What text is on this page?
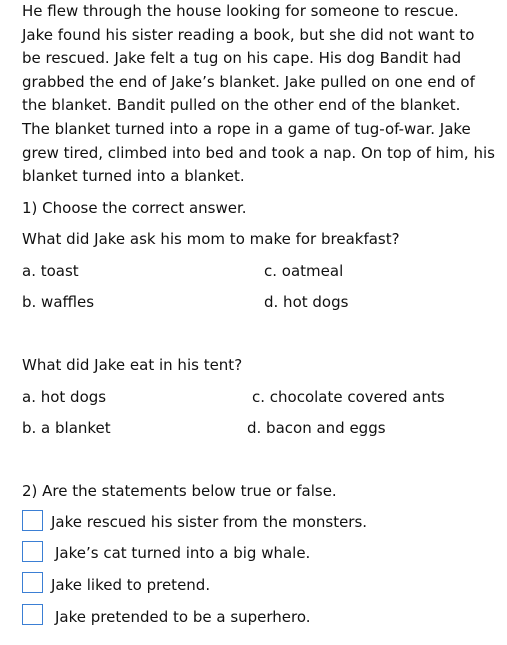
He flew through the house looking for someone to rescue.
Jake found his sister reading a book, but she did not want to
be rescued. Jake felt a tug on his cape. His dog Bandit had
grabbed the end of Jake’s blanket. Jake pulled on one end of
the blanket. Bandit pulled on the other end of the blanket.
The blanket turned into a rope in a game of tug-of-war. Jake
grew tired, climbed into bed and took a nap. On top of him, his
blanket turned into a blanket.

1) Choose the correct answer.
What did Jake ask his mom to make for breakfast?
a. toast	c. oatmeal
b. waffles	d. hot dogs
What did Jake eat in his tent?
a. hot dogs	c. chocolate covered ants
b. a blanket	d. bacon and eggs
2) Are the statements below true or false.
Jake rescued his sister from the monsters.
Jake’s cat turned into a big whale.
Jake liked to pretend.
Jake pretended to be a superhero.
